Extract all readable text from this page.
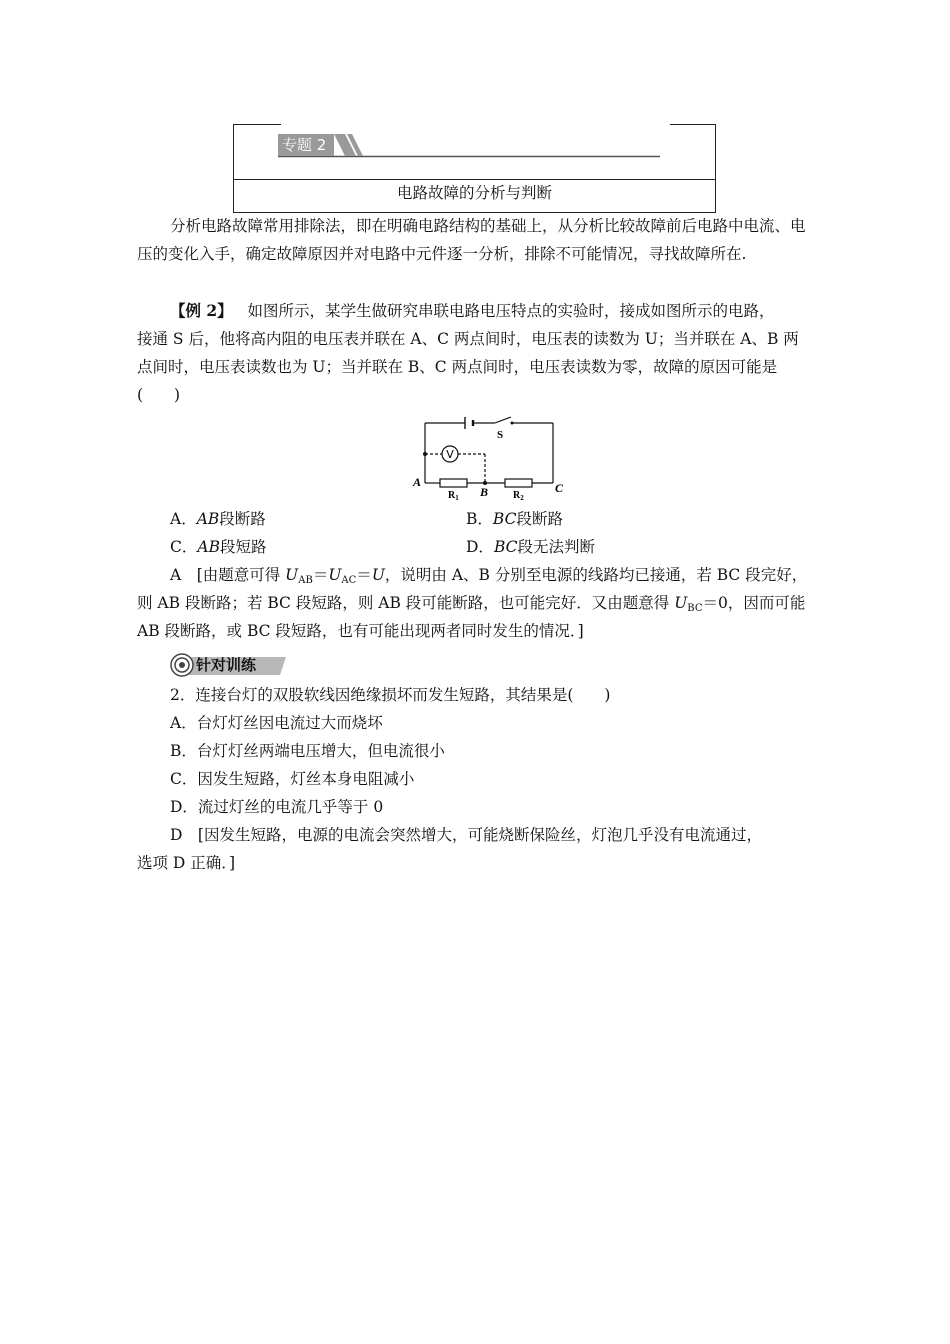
专题 2
电路故障的分析与判断

分析电路故障常用排除法，即在明确电路结构的基础上，从分析比较故障前后电路中电流、电压的变化入手，确定故障原因并对电路中元件逐一分析，排除不可能情况，寻找故障所在.

【例 2】 如图所示，某学生做研究串联电路电压特点的实验时，接成如图所示的电路，
接通 S 后，他将高内阻的电压表并联在 A、C 两点间时，电压表的读数为 U；当并联在 A、B 两
点间时，电压表读数也为 U；当并联在 B、C 两点间时，电压表读数为零，故障的原因可能是
(　　)
V
S
A
B	C
$R_1$	$R_2$
A．AB段断路	B．BC段断路
C．AB段短路	D．BC段无法判断
A　[由题意可得 $U_{AB}=U_{AC}=U$，说明由 A、B 分别至电源的线路均已接通，若 BC 段完好，
则 AB 段断路；若 BC 段短路，则 AB 段可能断路，也可能完好．又由题意得 $U_{BC}=0$，因而可能
AB 段断路，或 BC 段短路，也有可能出现两者同时发生的情况．]
针对训练
2．连接台灯的双股软线因绝缘损坏而发生短路，其结果是(　　)
A．台灯灯丝因电流过大而烧坏
B．台灯灯丝两端电压增大，但电流很小
C．因发生短路，灯丝本身电阻减小
D．流过灯丝的电流几乎等于 0
D　[因发生短路，电源的电流会突然增大，可能烧断保险丝，灯泡几乎没有电流通过，
选项 D 正确．]
